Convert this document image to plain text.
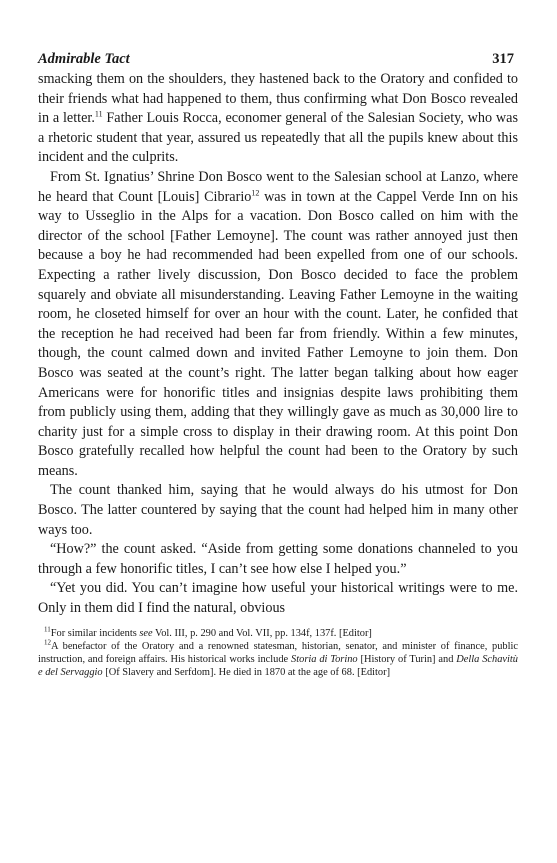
Admirable Tact	317

smacking them on the shoulders, they hastened back to the Oratory and confided to their friends what had happened to them, thus confirming what Don Bosco revealed in a letter.$^{11}$ Father Louis Rocca, economer general of the Salesian Society, who was a rhetoric student that year, assured us repeatedly that all the pupils knew about this incident and the culprits.

From St. Ignatius’ Shrine Don Bosco went to the Salesian school at Lanzo, where he heard that Count [Louis] Cibrario$^{12}$ was in town at the Cappel Verde Inn on his way to Usseglio in the Alps for a vacation. Don Bosco called on him with the director of the school [Father Lemoyne]. The count was rather annoyed just then because a boy he had recommended had been expelled from one of our schools. Expecting a rather lively discussion, Don Bosco decided to face the problem squarely and obviate all misunderstanding. Leaving Father Lemoyne in the waiting room, he closeted himself for over an hour with the count. Later, he confided that the reception he had received had been far from friendly. Within a few minutes, though, the count calmed down and invited Father Lemoyne to join them. Don Bosco was seated at the count’s right. The latter began talking about how eager Americans were for honorific titles and insignias despite laws prohibiting them from publicly using them, adding that they willingly gave as much as 30,000 lire to charity just for a simple cross to display in their drawing room. At this point Don Bosco gratefully recalled how helpful the count had been to the Oratory by such means.

The count thanked him, saying that he would always do his utmost for Don Bosco. The latter countered by saying that the count had helped him in many other ways too.

“How?” the count asked. “Aside from getting some donations channeled to you through a few honorific titles, I can’t see how else I helped you.”

“Yet you did. You can’t imagine how useful your historical writings were to me. Only in them did I find the natural, obvious

$^{11}$For similar incidents see Vol. III, p. 290 and Vol. VII, pp. 134f, 137f. [Editor]

$^{12}$A benefactor of the Oratory and a renowned statesman, historian, senator, and minister of finance, public instruction, and foreign affairs. His historical works include Storia di Torino [History of Turin] and Della Schavitù e del Servaggio [Of Slavery and Serfdom]. He died in 1870 at the age of 68. [Editor]
